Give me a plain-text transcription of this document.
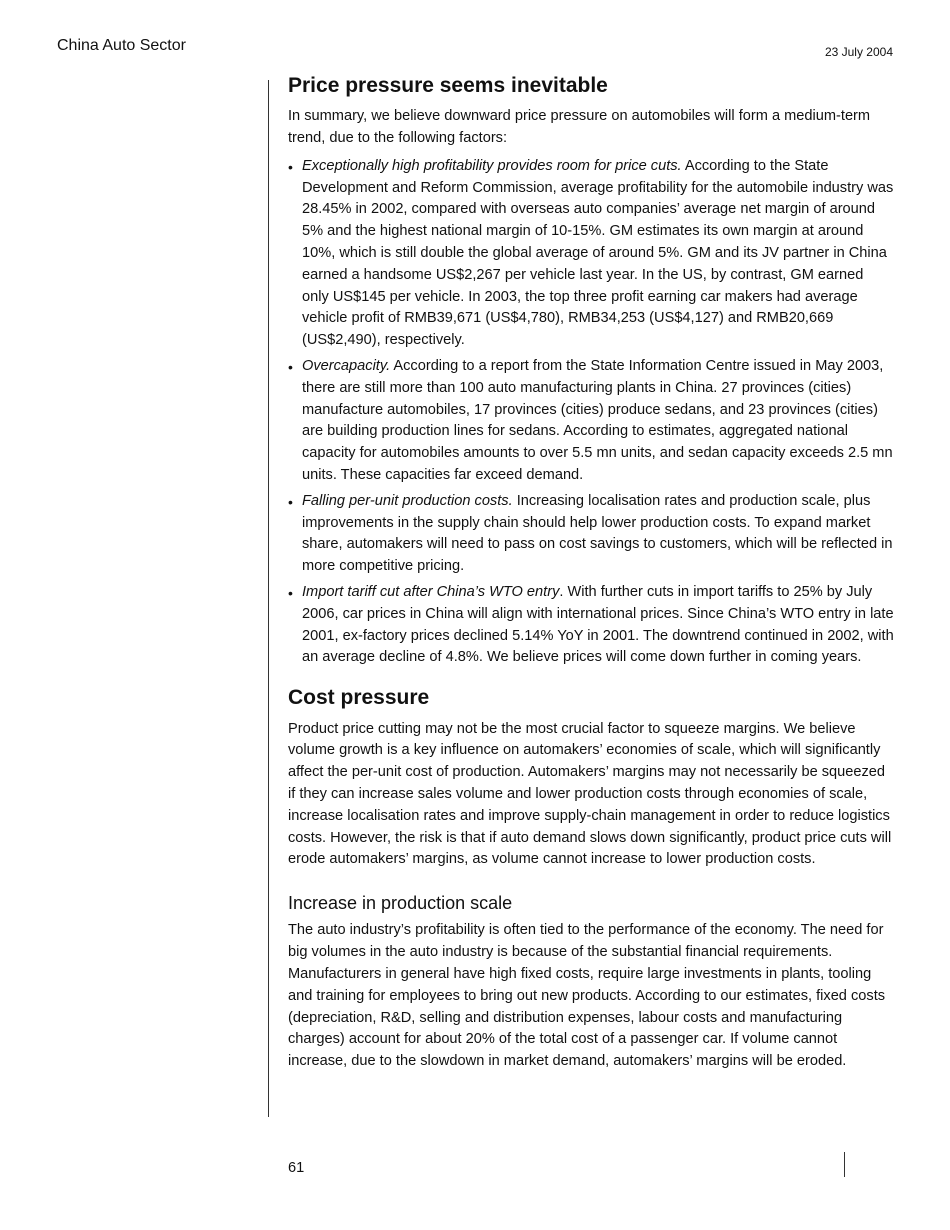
China Auto Sector	23 July 2004
Price pressure seems inevitable

In summary, we believe downward price pressure on automobiles will form a medium-term trend, due to the following factors:

• Exceptionally high profitability provides room for price cuts. According to the State Development and Reform Commission, average profitability for the automobile industry was 28.45% in 2002, compared with overseas auto companies’ average net margin of around 5% and the highest national margin of 10-15%. GM estimates its own margin at around 10%, which is still double the global average of around 5%. GM and its JV partner in China earned a handsome US$2,267 per vehicle last year. In the US, by contrast, GM earned only US$145 per vehicle. In 2003, the top three profit earning car makers had average vehicle profit of RMB39,671 (US$4,780), RMB34,253 (US$4,127) and RMB20,669 (US$2,490), respectively.
• Overcapacity. According to a report from the State Information Centre issued in May 2003, there are still more than 100 auto manufacturing plants in China. 27 provinces (cities) manufacture automobiles, 17 provinces (cities) produce sedans, and 23 provinces (cities) are building production lines for sedans. According to estimates, aggregated national capacity for automobiles amounts to over 5.5 mn units, and sedan capacity exceeds 2.5 mn units. These capacities far exceed demand.
• Falling per-unit production costs. Increasing localisation rates and production scale, plus improvements in the supply chain should help lower production costs. To expand market share, automakers will need to pass on cost savings to customers, which will be reflected in more competitive pricing.
• Import tariff cut after China’s WTO entry. With further cuts in import tariffs to 25% by July 2006, car prices in China will align with international prices. Since China’s WTO entry in late 2001, ex-factory prices declined 5.14% YoY in 2001. The downtrend continued in 2002, with an average decline of 4.8%. We believe prices will come down further in coming years.
Cost pressure

Product price cutting may not be the most crucial factor to squeeze margins. We believe volume growth is a key influence on automakers’ economies of scale, which will significantly affect the per-unit cost of production. Automakers’ margins may not necessarily be squeezed if they can increase sales volume and lower production costs through economies of scale, increase localisation rates and improve supply-chain management in order to reduce logistics costs. However, the risk is that if auto demand slows down significantly, product price cuts will erode automakers’ margins, as volume cannot increase to lower production costs.

Increase in production scale

The auto industry’s profitability is often tied to the performance of the economy. The need for big volumes in the auto industry is because of the substantial financial requirements. Manufacturers in general have high fixed costs, require large investments in plants, tooling and training for employees to bring out new products. According to our estimates, fixed costs (depreciation, R&D, selling and distribution expenses, labour costs and manufacturing charges) account for about 20% of the total cost of a passenger car. If volume cannot increase, due to the slowdown in market demand, automakers’ margins will be eroded.

61
